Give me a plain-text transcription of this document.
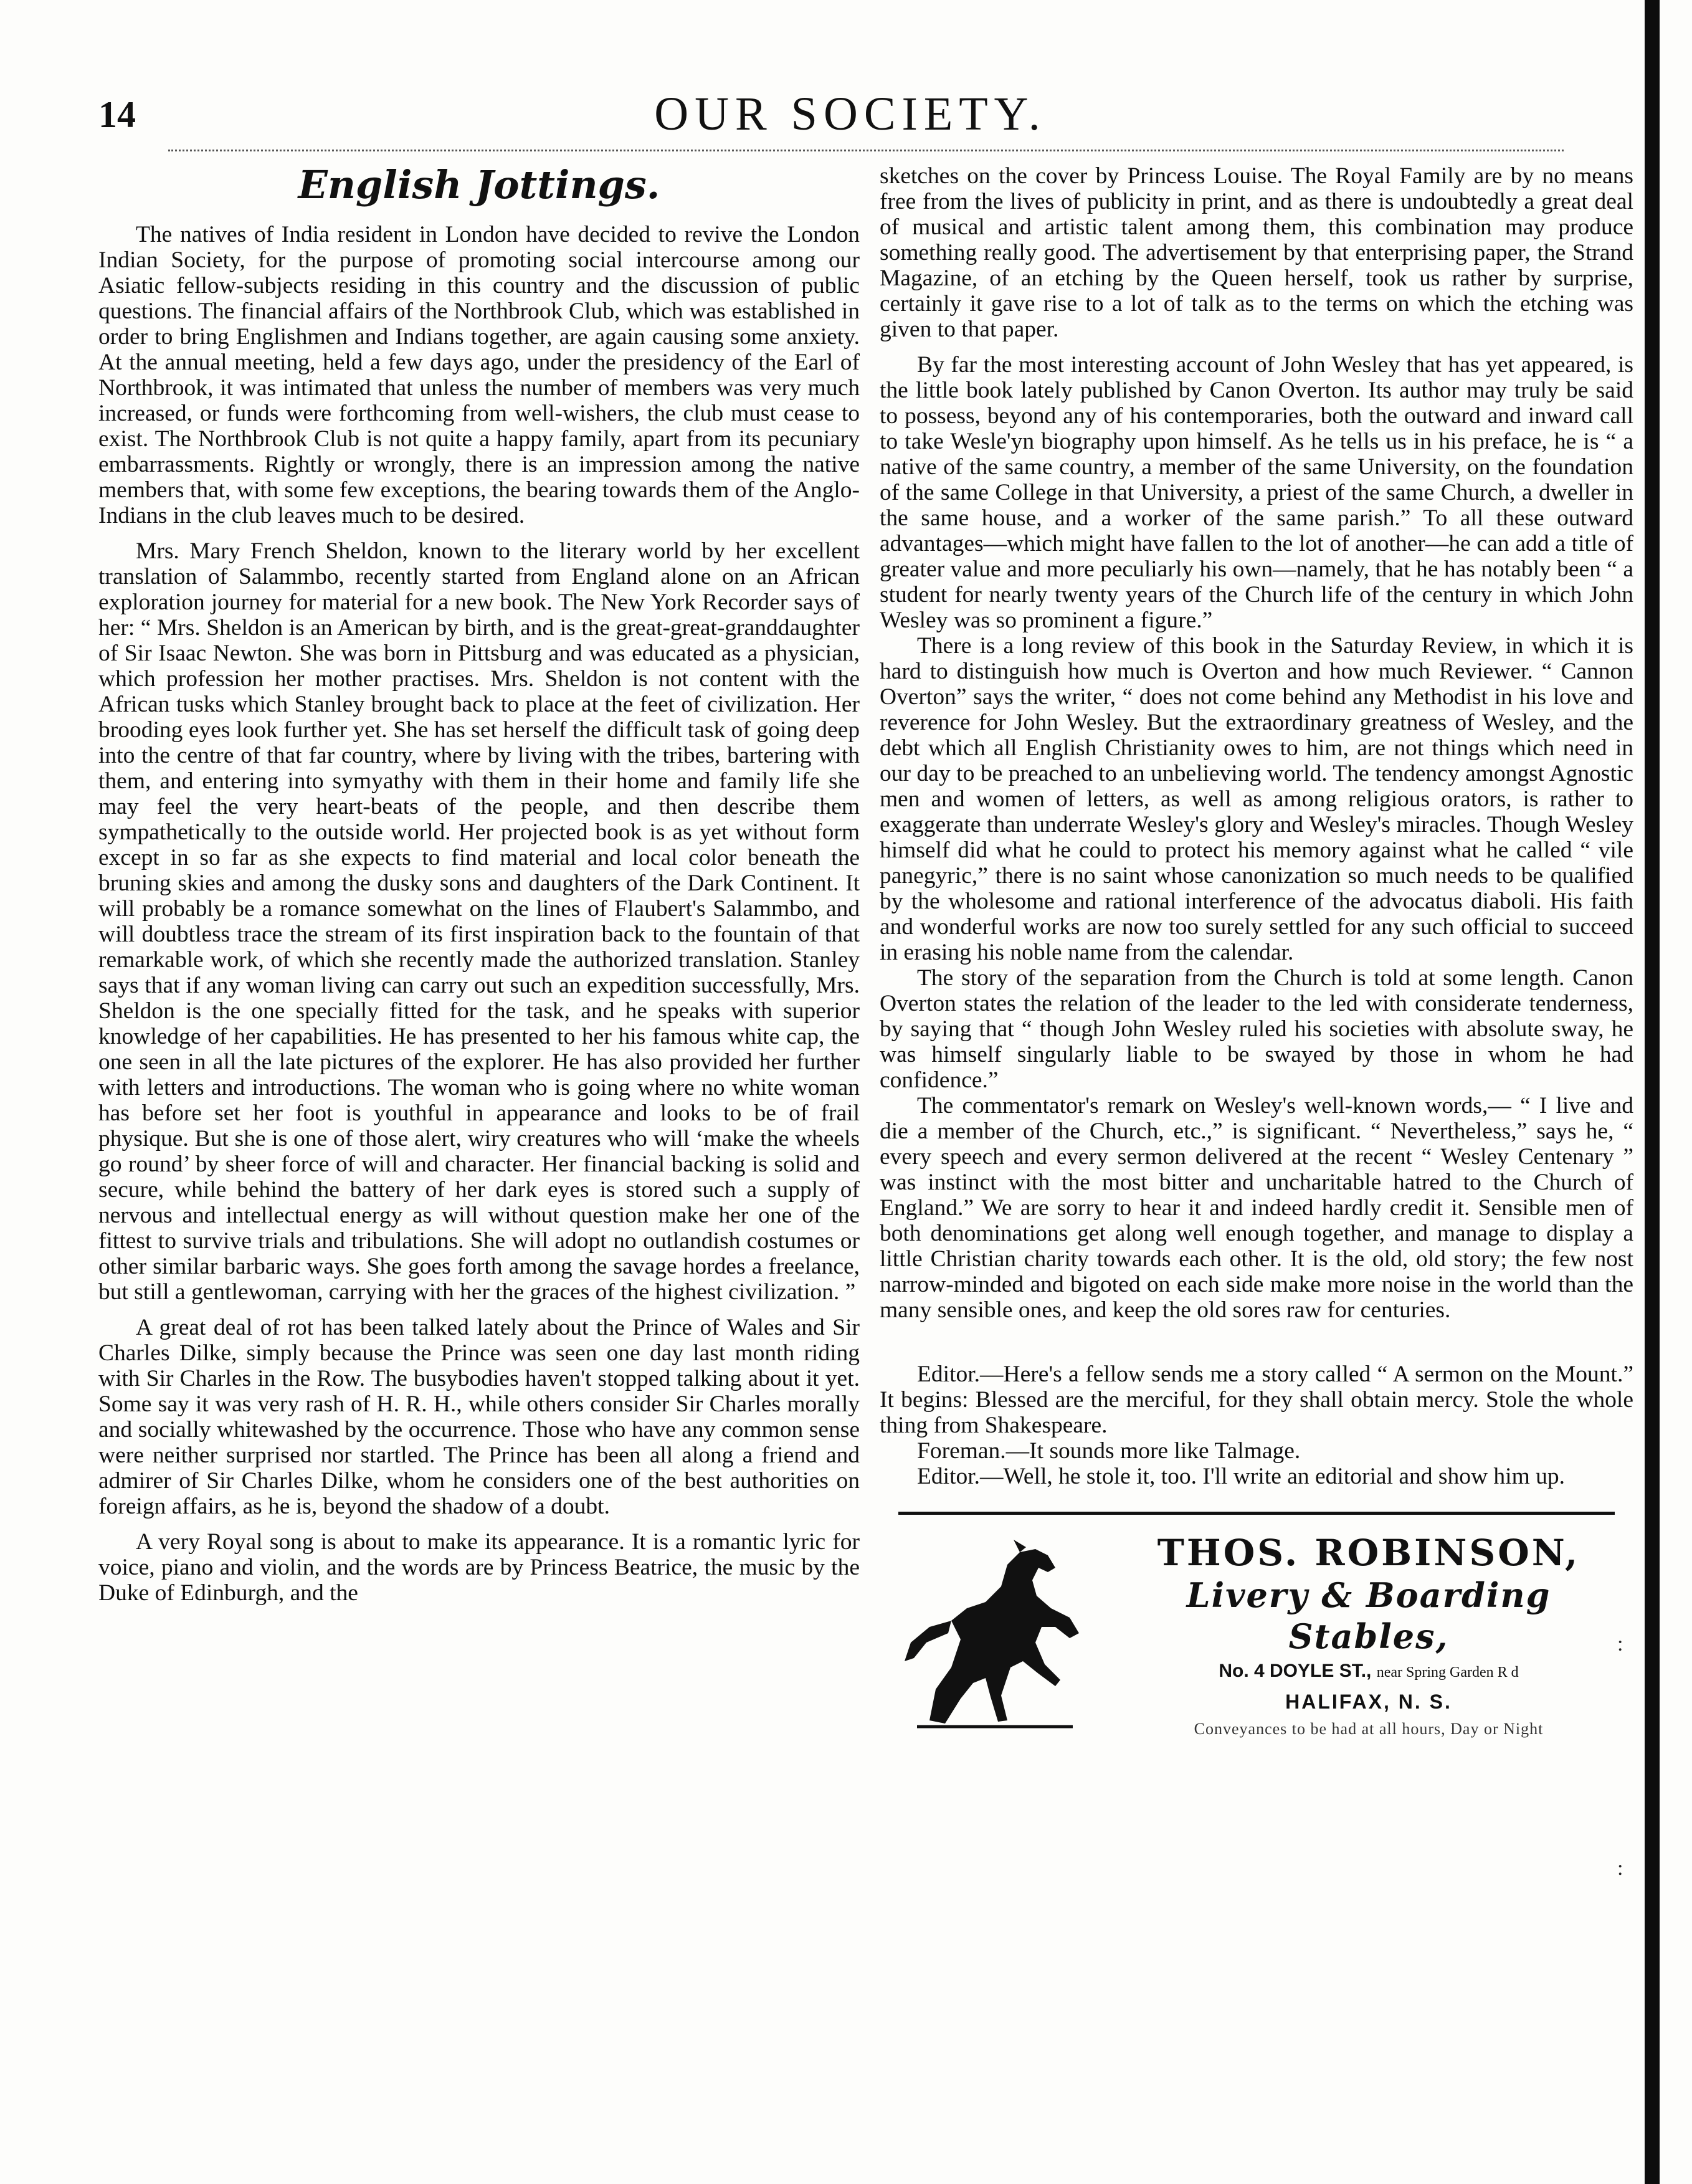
14	OUR SOCIETY.
English Jottings.

The natives of India resident in London have decided to revive the London Indian Society, for the purpose of promoting social intercourse among our Asiatic fellow-subjects residing in this country and the discussion of public questions. The financial affairs of the Northbrook Club, which was established in order to bring Englishmen and Indians together, are again causing some anxiety. At the annual meeting, held a few days ago, under the presidency of the Earl of Northbrook, it was intimated that unless the number of members was very much increased, or funds were forthcoming from well-wishers, the club must cease to exist. The Northbrook Club is not quite a happy family, apart from its pecuniary embarrassments. Rightly or wrongly, there is an impression among the native members that, with some few exceptions, the bearing towards them of the Anglo-Indians in the club leaves much to be desired.

Mrs. Mary French Sheldon, known to the literary world by her excellent translation of Salammbo, recently started from England alone on an African exploration journey for material for a new book. The New York Recorder says of her: “ Mrs. Sheldon is an American by birth, and is the great-great-granddaughter of Sir Isaac Newton. She was born in Pittsburg and was educated as a physician, which profession her mother practises. Mrs. Sheldon is not content with the African tusks which Stanley brought back to place at the feet of civilization. Her brooding eyes look further yet. She has set herself the difficult task of going deep into the centre of that far country, where by living with the tribes, bartering with them, and entering into symyathy with them in their home and family life she may feel the very heart-beats of the people, and then describe them sympathetically to the outside world. Her projected book is as yet without form except in so far as she expects to find material and local color beneath the bruning skies and among the dusky sons and daughters of the Dark Continent. It will probably be a romance somewhat on the lines of Flaubert's Salammbo, and will doubtless trace the stream of its first inspiration back to the fountain of that remarkable work, of which she recently made the authorized translation. Stanley says that if any woman living can carry out such an expedition successfully, Mrs. Sheldon is the one specially fitted for the task, and he speaks with superior knowledge of her capabilities. He has presented to her his famous white cap, the one seen in all the late pictures of the explorer. He has also provided her further with letters and introductions. The woman who is going where no white woman has before set her foot is youthful in appearance and looks to be of frail physique. But she is one of those alert, wiry creatures who will ‘make the wheels go round’ by sheer force of will and character. Her financial backing is solid and secure, while behind the battery of her dark eyes is stored such a supply of nervous and intellectual energy as will without question make her one of the fittest to survive trials and tribulations. She will adopt no outlandish costumes or other similar barbaric ways. She goes forth among the savage hordes a freelance, but still a gentlewoman, carrying with her the graces of the highest civilization. ”

A great deal of rot has been talked lately about the Prince of Wales and Sir Charles Dilke, simply because the Prince was seen one day last month riding with Sir Charles in the Row. The busybodies haven't stopped talking about it yet. Some say it was very rash of H. R. H., while others consider Sir Charles morally and socially whitewashed by the occurrence. Those who have any common sense were neither surprised nor startled. The Prince has been all along a friend and admirer of Sir Charles Dilke, whom he considers one of the best authorities on foreign affairs, as he is, beyond the shadow of a doubt.

A very Royal song is about to make its appearance. It is a romantic lyric for voice, piano and violin, and the words are by Princess Beatrice, the music by the Duke of Edinburgh, and the

sketches on the cover by Princess Louise. The Royal Family are by no means free from the lives of publicity in print, and as there is undoubtedly a great deal of musical and artistic talent among them, this combination may produce something really good. The advertisement by that enterprising paper, the Strand Magazine, of an etching by the Queen herself, took us rather by surprise, certainly it gave rise to a lot of talk as to the terms on which the etching was given to that paper.

By far the most interesting account of John Wesley that has yet appeared, is the little book lately published by Canon Overton. Its author may truly be said to possess, beyond any of his contemporaries, both the outward and inward call to take Wesle'yn biography upon himself. As he tells us in his preface, he is “ a native of the same country, a member of the same University, on the foundation of the same College in that University, a priest of the same Church, a dweller in the same house, and a worker of the same parish.” To all these outward advantages—which might have fallen to the lot of another—he can add a title of greater value and more peculiarly his own—namely, that he has notably been “ a student for nearly twenty years of the Church life of the century in which John Wesley was so prominent a figure.”

There is a long review of this book in the Saturday Review, in which it is hard to distinguish how much is Overton and how much Reviewer. “ Cannon Overton” says the writer, “ does not come behind any Methodist in his love and reverence for John Wesley. But the extraordinary greatness of Wesley, and the debt which all English Christianity owes to him, are not things which need in our day to be preached to an unbelieving world. The tendency amongst Agnostic men and women of letters, as well as among religious orators, is rather to exaggerate than underrate Wesley's glory and Wesley's miracles. Though Wesley himself did what he could to protect his memory against what he called “ vile panegyric,” there is no saint whose canonization so much needs to be qualified by the wholesome and rational interference of the advocatus diaboli. His faith and wonderful works are now too surely settled for any such official to succeed in erasing his noble name from the calendar.

The story of the separation from the Church is told at some length. Canon Overton states the relation of the leader to the led with considerate tenderness, by saying that “ though John Wesley ruled his societies with absolute sway, he was himself singularly liable to be swayed by those in whom he had confidence.”

The commentator's remark on Wesley's well-known words,— “ I live and die a member of the Church, etc.,” is significant. “ Nevertheless,” says he, “ every speech and every sermon delivered at the recent “ Wesley Centenary ” was instinct with the most bitter and uncharitable hatred to the Church of England.” We are sorry to hear it and indeed hardly credit it. Sensible men of both denominations get along well enough together, and manage to display a little Christian charity towards each other. It is the old, old story; the few nost narrow-minded and bigoted on each side make more noise in the world than the many sensible ones, and keep the old sores raw for centuries.

Editor.—Here's a fellow sends me a story called “ A sermon on the Mount.” It begins: Blessed are the merciful, for they shall obtain mercy. Stole the whole thing from Shakespeare.

Foreman.—It sounds more like Talmage.

Editor.—Well, he stole it, too. I'll write an editorial and show him up.

THOS. ROBINSON,
Livery & Boarding Stables,
No. 4 DOYLE ST., near Spring Garden R d
HALIFAX, N. S.
Conveyances to be had at all hours, Day or Night
:
:
